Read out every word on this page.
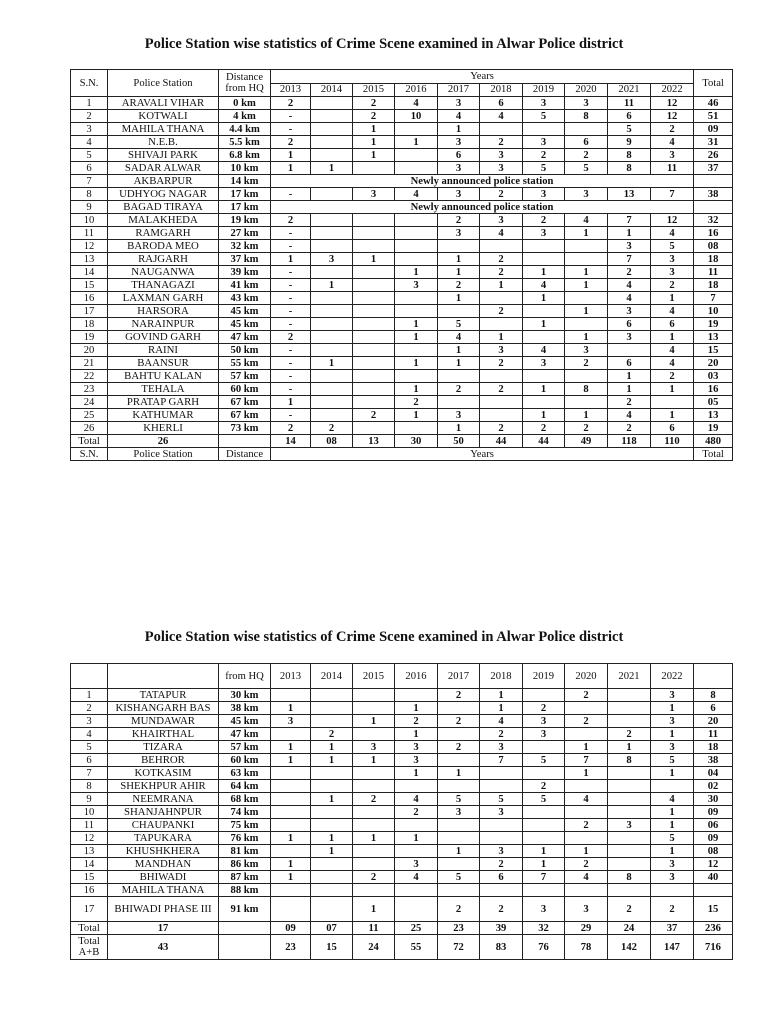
Police Station wise statistics of Crime Scene examined in Alwar Police district
S.N.	Police Station	Distance from HQ	Years										Total
			2013	2014	2015	2016	2017	2018	2019	2020	2021	2022	
1	ARAVALI VIHAR	0 km	2		2	4	3	6	3	3	11	12	46
2	KOTWALI	4 km	-		2	10	4	4	5	8	6	12	51
3	MAHILA THANA	4.4 km	-		1		1				5	2	09
4	N.E.B.	5.5 km	2		1	1	3	2	3	6	9	4	31
5	SHIVAJI PARK	6.8 km	1		1		6	3	2	2	8	3	26
6	SADAR ALWAR	10 km	1	1			3	3	5	5	8	11	37
7	AKBARPUR	14 km	Newly announced police station										
8	UDHYOG NAGAR	17 km	-		3	4	3	2	3	3	13	7	38
9	BAGAD TIRAYA	17 km	Newly announced police station										
10	MALAKHEDA	19 km	2				2	3	2	4	7	12	32
11	RAMGARH	27 km	-				3	4	3	1	1	4	16
12	BARODA MEO	32 km	-								3	5	08
13	RAJGARH	37 km	1	3	1		1	2			7	3	18
14	NAUGANWA	39 km	-			1	1	2	1	1	2	3	11
15	THANAGAZI	41 km	-	1		3	2	1	4	1	4	2	18
16	LAXMAN GARH	43 km	-				1		1		4	1	7
17	HARSORA	45 km	-					2		1	3	4	10
18	NARAINPUR	45 km	-			1	5		1		6	6	19
19	GOVIND GARH	47 km	2			1	4	1		1	3	1	13
20	RAINI	50 km	-				1	3	4	3		4	15
21	BAANSUR	55 km	-	1		1	1	2	3	2	6	4	20
22	BAHTU KALAN	57 km	-								1	2	03
23	TEHALA	60 km	-			1	2	2	1	8	1	1	16
24	PRATAP GARH	67 km	1			2					2		05
25	KATHUMAR	67 km	-		2	1	3		1	1	4	1	13
26	KHERLI	73 km	2	2			1	2	2	2	2	6	19
Total	26		14	08	13	30	50	44	44	49	118	110	480
S.N.	Police Station	Distance	Years										Total
Police Station wise statistics of Crime Scene examined in Alwar Police district
		from HQ	2013	2014	2015	2016	2017	2018	2019	2020	2021	2022	
1	TATAPUR	30 km					2	1		2		3	8
2	KISHANGARH BAS	38 km	1			1		1	2			1	6
3	MUNDAWAR	45 km	3		1	2	2	4	3	2		3	20
4	KHAIRTHAL	47 km		2		1		2	3		2	1	11
5	TIZARA	57 km	1	1	3	3	2	3		1	1	3	18
6	BEHROR	60 km	1	1	1	3		7	5	7	8	5	38
7	KOTKASIM	63 km				1	1			1		1	04
8	SHEKHPUR AHIR	64 km							2				02
9	NEEMRANA	68 km		1	2	4	5	5	5	4		4	30
10	SHANJAHNPUR	74 km				2	3	3				1	09
11	CHAUPANKI	75 km								2	3	1	06
12	TAPUKARA	76 km	1	1	1	1						5	09
13	KHUSHKHERA	81 km		1			1	3	1	1		1	08
14	MANDHAN	86 km	1			3		2	1	2		3	12
15	BHIWADI	87 km	1		2	4	5	6	7	4	8	3	40
16	MAHILA THANA	88 km											
17	BHIWADI PHASE III	91 km			1		2	2	3	3	2	2	15
Total	17		09	07	11	25	23	39	32	29	24	37	236
Total A+B	43		23	15	24	55	72	83	76	78	142	147	716
